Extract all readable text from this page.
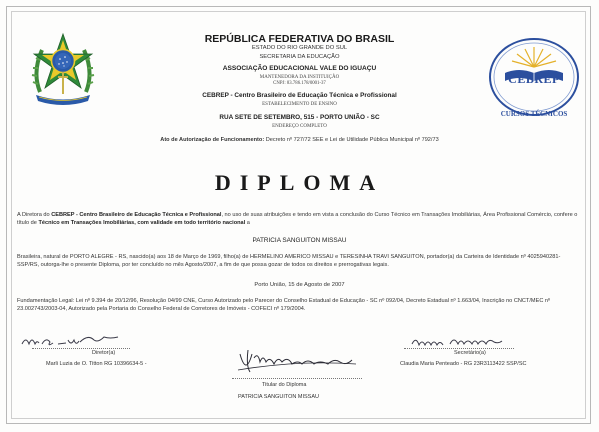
CEBREP
CURSOS TÉCNICOS
REPÚBLICA FEDERATIVA DO BRASIL
ESTADO DO RIO GRANDE DO SUL
SECRETARIA DA EDUCAÇÃO
ASSOCIAÇÃO EDUCACIONAL VALE DO IGUAÇU
MANTENEDORA DA INSTITUIÇÃO
CNPJ: 83.786.178/0001-37
CEBREP - Centro Brasileiro de Educação Técnica e Profissional
ESTABELECIMENTO DE ENSINO
RUA SETE DE SETEMBRO, 515 - PORTO UNIÃO - SC
ENDEREÇO COMPLETO
Ato de Autorização de Funcionamento: Decreto nº 727/72 SEE e Lei de Utilidade Pública Municipal nº 792/73
DIPLOMA
A Diretora do CEBREP - Centro Brasileiro de Educação Técnica e Profissional, no uso de suas atribuições e tendo em vista a conclusão do Curso Técnico em Transações Imobiliárias, Área Profissional Comércio, confere o título de Técnico em Transações Imobiliárias, com validade em todo território nacional a
PATRICIA SANGUITON MISSAU
Brasileira, natural de PORTO ALEGRE - RS, nascido(a) aos 18 de Março de 1969, filho(a) de HERMELINO AMERICO MISSAU e TERESINHA TRAVI SANGUITON, portador(a) da Carteira de Identidade nº 4025940281- SSP/RS, outorga-lhe o presente Diploma, por ter concluído no mês Agosto/2007, a fim de que possa gozar de todos os direitos e prerrogativas legais.
Porto União, 15 de Agosto de 2007
Fundamentação Legal: Lei nº 9.394 de 20/12/96, Resolução 04/99 CNE, Curso Autorizado pelo Parecer do Conselho Estadual de Educação - SC nº 092/04, Decreto Estadual nº 1.663/04, Inscrição no CNCT/MEC nº 23.002743/2003-04, Autorizado pela Portaria do Conselho Federal de Corretores de Imóveis - COFECI nº 179/2004.
Diretor(a)
Marli Luzia de O. Titton RG 10396634-5 -
Titular do Diploma
PATRICIA SANGUITON MISSAU
Secretário(a)
Claudia Maria Penteado - RG 23R3113422 SSP/SC
